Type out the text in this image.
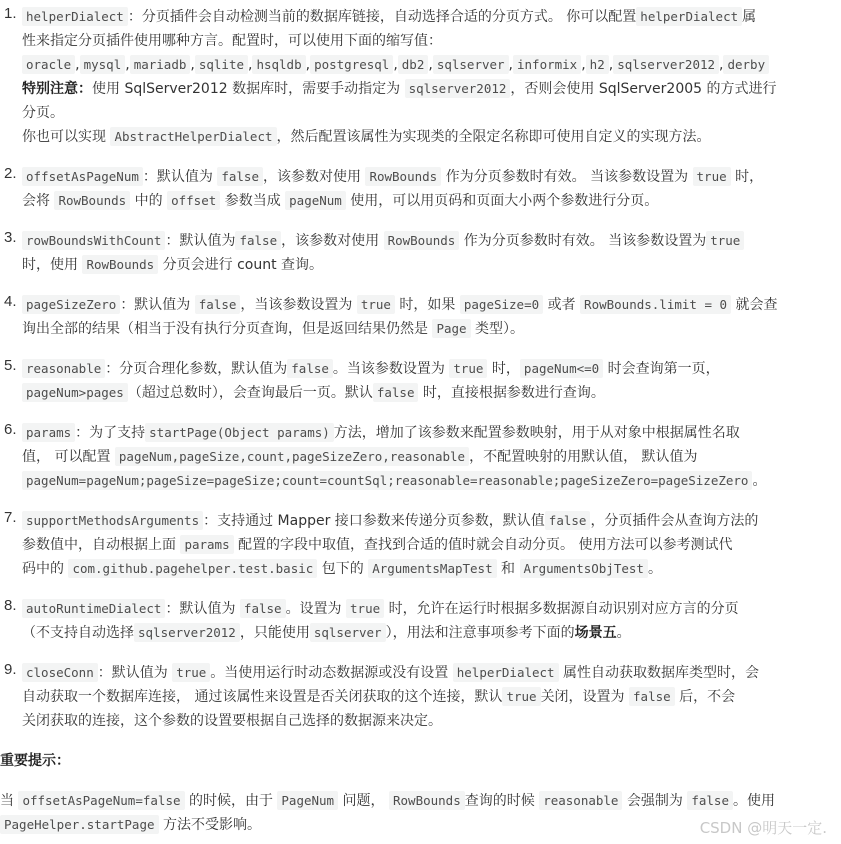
1. helperDialect ：分页插件会自动检测当前的数据库链接，自动选择合适的分页方式。 你可以配置 helperDialect 属
性来指定分页插件使用哪种方言。配置时，可以使用下面的缩写值：
oracle , mysql , mariadb , sqlite , hsqldb , postgresql , db2 , sqlserver , informix , h2 , sqlserver2012 , derby
特别注意：使用 SqlServer2012 数据库时，需要手动指定为 sqlserver2012 ，否则会使用 SqlServer2005 的方式进行
分页。
你也可以实现 AbstractHelperDialect ，然后配置该属性为实现类的全限定名称即可使用自定义的实现方法。
2. offsetAsPageNum ：默认值为 false ，该参数对使用 RowBounds 作为分页参数时有效。 当该参数设置为 true 时，
会将 RowBounds 中的 offset 参数当成 pageNum 使用，可以用页码和页面大小两个参数进行分页。
3. rowBoundsWithCount ：默认值为 false ，该参数对使用 RowBounds 作为分页参数时有效。 当该参数设置为 true
时，使用 RowBounds 分页会进行 count 查询。
4. pageSizeZero ：默认值为 false ，当该参数设置为 true 时，如果 pageSize=0 或者 RowBounds.limit = 0 就会查
询出全部的结果（相当于没有执行分页查询，但是返回结果仍然是 Page 类型）。
5. reasonable ：分页合理化参数，默认值为 false 。当该参数设置为 true 时， pageNum<=0 时会查询第一页，
pageNum>pages （超过总数时），会查询最后一页。默认 false 时，直接根据参数进行查询。
6. params ：为了支持 startPage(Object params) 方法，增加了该参数来配置参数映射，用于从对象中根据属性名取
值， 可以配置 pageNum,pageSize,count,pageSizeZero,reasonable ，不配置映射的用默认值， 默认值为
pageNum=pageNum;pageSize=pageSize;count=countSql;reasonable=reasonable;pageSizeZero=pageSizeZero 。
7. supportMethodsArguments ：支持通过 Mapper 接口参数来传递分页参数，默认值 false ，分页插件会从查询方法的
参数值中，自动根据上面 params 配置的字段中取值，查找到合适的值时就会自动分页。 使用方法可以参考测试代
码中的 com.github.pagehelper.test.basic 包下的 ArgumentsMapTest 和 ArgumentsObjTest 。
8. autoRuntimeDialect ：默认值为 false 。设置为 true 时，允许在运行时根据多数据源自动识别对应方言的分页
（不支持自动选择 sqlserver2012 ，只能使用 sqlserver ），用法和注意事项参考下面的场景五。
9. closeConn ：默认值为 true 。当使用运行时动态数据源或没有设置 helperDialect 属性自动获取数据库类型时，会
自动获取一个数据库连接， 通过该属性来设置是否关闭获取的这个连接，默认 true 关闭，设置为 false 后，不会
关闭获取的连接，这个参数的设置要根据自己选择的数据源来决定。
重要提示：
当 offsetAsPageNum=false 的时候，由于 PageNum 问题， RowBounds 查询的时候 reasonable 会强制为 false 。使用
PageHelper.startPage 方法不受影响。	CSDN @明天一定.
